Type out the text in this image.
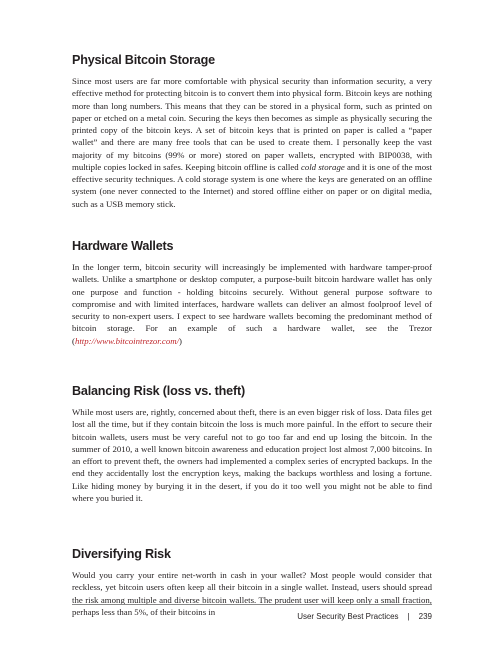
Physical Bitcoin Storage

Since most users are far more comfortable with physical security than information security, a very effective method for protecting bitcoin is to convert them into physical form. Bitcoin keys are nothing more than long numbers. This means that they can be stored in a physical form, such as printed on paper or etched on a metal coin. Securing the keys then becomes as simple as physically securing the printed copy of the bitcoin keys. A set of bitcoin keys that is printed on paper is called a “paper wallet” and there are many free tools that can be used to create them. I personally keep the vast majority of my bitcoins (99% or more) stored on paper wallets, encrypted with BIP0038, with multiple copies locked in safes. Keeping bitcoin offline is called cold storage and it is one of the most effective security techniques. A cold storage system is one where the keys are generated on an offline system (one never connected to the Internet) and stored offline either on paper or on digital media, such as a USB memory stick.

Hardware Wallets

In the longer term, bitcoin security will increasingly be implemented with hardware tamper-proof wallets. Unlike a smartphone or desktop computer, a purpose-built bitcoin hardware wallet has only one purpose and function - holding bitcoins securely. Without general purpose software to compromise and with limited interfaces, hardware wallets can deliver an almost foolproof level of security to non-expert users. I expect to see hardware wallets becoming the predominant method of bitcoin storage. For an example of such a hardware wallet, see the Trezor (http://www.bitcointrezor.com/)

Balancing Risk (loss vs. theft)

While most users are, rightly, concerned about theft, there is an even bigger risk of loss. Data files get lost all the time, but if they contain bitcoin the loss is much more painful. In the effort to secure their bitcoin wallets, users must be very careful not to go too far and end up losing the bitcoin. In the summer of 2010, a well known bitcoin awareness and education project lost almost 7,000 bitcoins. In an effort to prevent theft, the owners had implemented a complex series of encrypted backups. In the end they accidentally lost the encryption keys, making the backups worthless and losing a fortune. Like hiding money by burying it in the desert, if you do it too well you might not be able to find where you buried it.

Diversifying Risk

Would you carry your entire net-worth in cash in your wallet? Most people would consider that reckless, yet bitcoin users often keep all their bitcoin in a single wallet. Instead, users should spread the risk among multiple and diverse bitcoin wallets. The prudent user will keep only a small fraction, perhaps less than 5%, of their bitcoins in	User Security Best Practices | 239
